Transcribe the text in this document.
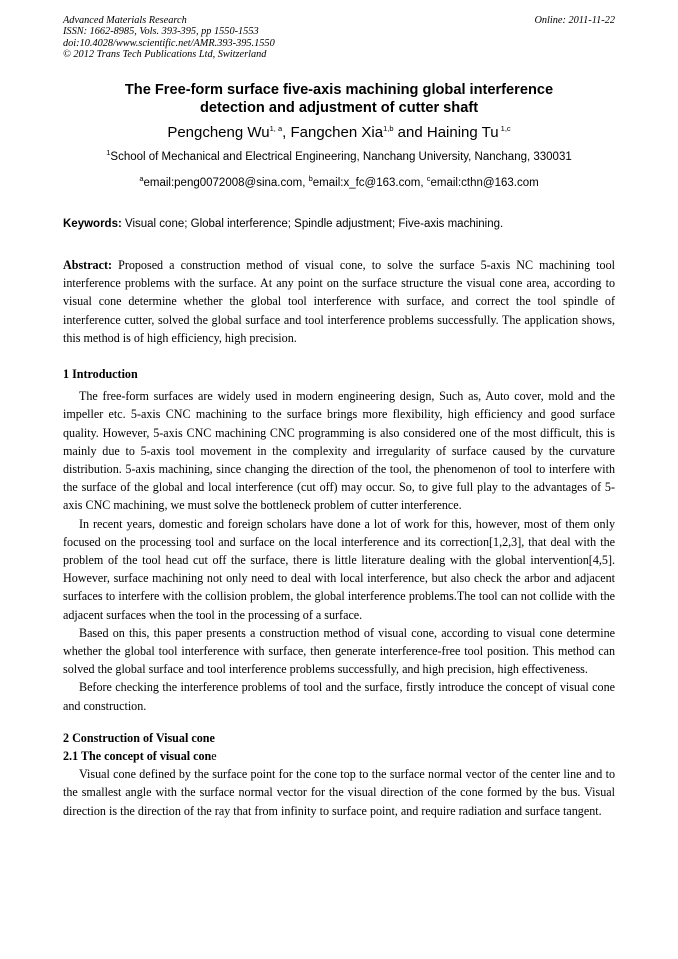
Advanced Materials Research
ISSN: 1662-8985, Vols. 393-395, pp 1550-1553
doi:10.4028/www.scientific.net/AMR.393-395.1550
© 2012 Trans Tech Publications Ltd, Switzerland
Online: 2011-11-22
The Free-form surface five-axis machining global interference
detection and adjustment of cutter shaft
Pengcheng Wu$^{1, a}$, Fangchen Xia$^{1,b}$ and Haining Tu $^{1,c}$
$^1$School of Mechanical and Electrical Engineering, Nanchang University, Nanchang, 330031
$^a$email:peng0072008@sina.com, $^b$email:x_fc@163.com, $^c$email:cthn@163.com
Keywords: Visual cone; Global interference; Spindle adjustment; Five-axis machining.

Abstract: Proposed a construction method of visual cone, to solve the surface 5-axis NC machining tool interference problems with the surface. At any point on the surface structure the visual cone area, according to visual cone determine whether the global tool interference with surface, and correct the tool spindle of interference cutter, solved the global surface and tool interference problems successfully. The application shows, this method is of high efficiency, high precision.

1 Introduction

The free-form surfaces are widely used in modern engineering design, Such as, Auto cover, mold and the impeller etc. 5-axis CNC machining to the surface brings more flexibility, high efficiency and good surface quality. However, 5-axis CNC machining CNC programming is also considered one of the most difficult, this is mainly due to 5-axis tool movement in the complexity and irregularity of surface caused by the curvature distribution. 5-axis machining, since changing the direction of the tool, the phenomenon of tool to interfere with the surface of the global and local interference (cut off) may occur. So, to give full play to the advantages of 5-axis CNC machining, we must solve the bottleneck problem of cutter interference.

In recent years, domestic and foreign scholars have done a lot of work for this, however, most of them only focused on the processing tool and surface on the local interference and its correction[1,2,3], that deal with the problem of the tool head cut off the surface, there is little literature dealing with the global intervention[4,5]. However, surface machining not only need to deal with local interference, but also check the arbor and adjacent surfaces to interfere with the collision problem, the global interference problems.The tool can not collide with the adjacent surfaces when the tool in the processing of a surface.

Based on this, this paper presents a construction method of visual cone, according to visual cone determine whether the global tool interference with surface, then generate interference-free tool position. This method can solved the global surface and tool interference problems successfully, and high precision, high effectiveness.

Before checking the interference problems of tool and the surface, firstly introduce the concept of visual cone and construction.

2 Construction of Visual cone

2.1 The concept of visual cone

Visual cone defined by the surface point for the cone top to the surface normal vector of the center line and to the smallest angle with the surface normal vector for the visual direction of the cone formed by the bus. Visual direction is the direction of the ray that from infinity to surface point, and require radiation and surface tangent.
